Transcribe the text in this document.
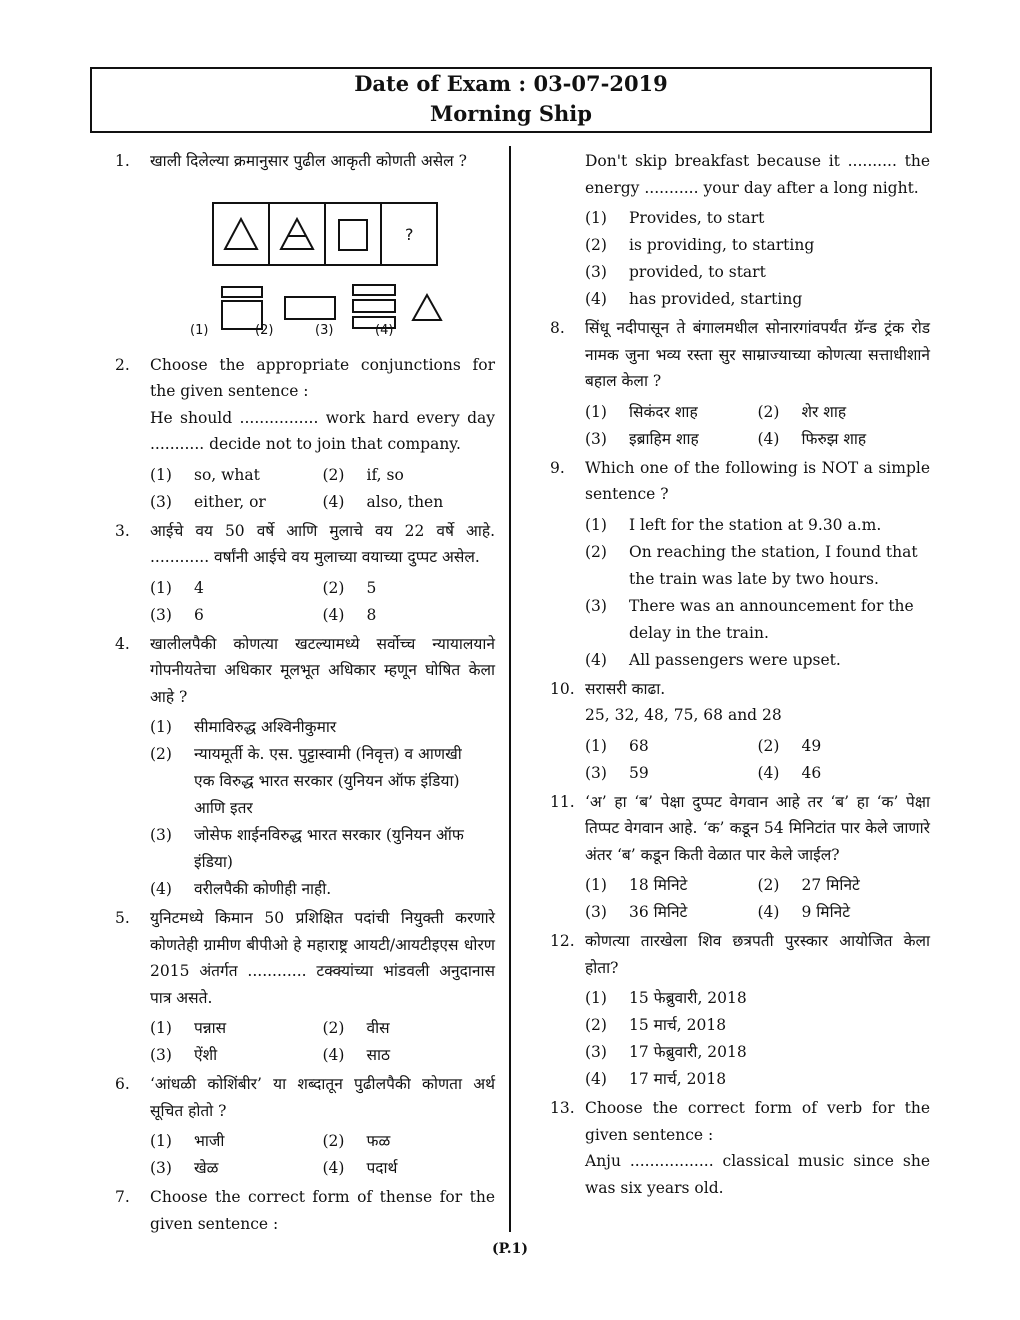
Date of Exam : 03-07-2019
Morning Ship
1. खाली दिलेल्या क्रमानुसार पुढील आकृती कोणती असेल ?
?
(1)	(2)	(3)	(4)
2. Choose the appropriate conjunctions for the given sentence :
He should ................ work hard every day ........... decide not to join that company.
(1) so, what	(2) if, so
(3) either, or	(4) also, then
3. आईचे वय 50 वर्षे आणि मुलाचे वय 22 वर्षे आहे. ............ वर्षांनी आईचे वय मुलाच्या वयाच्या दुप्पट असेल.
(1) 4	(2) 5
(3) 6	(4) 8
4. खालीलपैकी कोणत्या खटल्यामध्ये सर्वोच्च न्यायालयाने गोपनीयतेचा अधिकार मूलभूत अधिकार म्हणून घोषित केला आहे ?
(1) सीमाविरुद्ध अश्विनीकुमार
(2) न्यायमूर्ती के. एस. पुट्टास्वामी (निवृत्त) व आणखी एक विरुद्ध भारत सरकार (युनियन ऑफ इंडिया) आणि इतर
(3) जोसेफ शाईनविरुद्ध भारत सरकार (युनियन ऑफ इंडिया)
(4) वरीलपैकी कोणीही नाही.
5. युनिटमध्ये किमान 50 प्रशिक्षित पदांची नियुक्ती करणारे कोणतेही ग्रामीण बीपीओ हे महाराष्ट्र आयटी/आयटीइएस धोरण 2015 अंतर्गत ............ टक्क्यांच्या भांडवली अनुदानास पात्र असते.
(1) पन्नास	(2) वीस
(3) ऐंशी	(4) साठ
6. ‘आंधळी कोशिंबीर’ या शब्दातून पुढीलपैकी कोणता अर्थ सूचित होतो ?
(1) भाजी	(2) फळ
(3) खेळ	(4) पदार्थ
7. Choose the correct form of thense for the given sentence :
Don't skip breakfast because it .......... the energy ........... your day after a long night.
(1) Provides, to start
(2) is providing, to starting
(3) provided, to start
(4) has provided, starting
8. सिंधू नदीपासून ते बंगालमधील सोनारगांवपर्यंत ग्रॅन्ड ट्रंक रोड नामक जुना भव्य रस्ता सुर साम्राज्याच्या कोणत्या सत्ताधीशाने बहाल केला ?
(1) सिकंदर शाह	(2) शेर शाह
(3) इब्राहिम शाह	(4) फिरुझ शाह
9. Which one of the following is NOT a simple sentence ?
(1) I left for the station at 9.30 a.m.
(2) On reaching the station, I found that the train was late by two hours.
(3) There was an announcement for the delay in the train.
(4) All passengers were upset.
10. सरासरी काढा.
25, 32, 48, 75, 68 and 28
(1) 68	(2) 49
(3) 59	(4) 46
11. ‘अ’ हा ‘ब’ पेक्षा दुप्पट वेगवान आहे तर ‘ब’ हा ‘क’ पेक्षा तिप्पट वेगवान आहे. ‘क’ कडून 54 मिनिटांत पार केले जाणारे अंतर ‘ब’ कडून किती वेळात पार केले जाईल?
(1) 18 मिनिटे	(2) 27 मिनिटे
(3) 36 मिनिटे	(4) 9 मिनिटे
12. कोणत्या तारखेला शिव छत्रपती पुरस्कार आयोजित केला होता?
(1) 15 फेब्रुवारी, 2018
(2) 15 मार्च, 2018
(3) 17 फेब्रुवारी, 2018
(4) 17 मार्च, 2018
13. Choose the correct form of verb for the given sentence :
Anju ................. classical music since she was six years old.
(P.1)
